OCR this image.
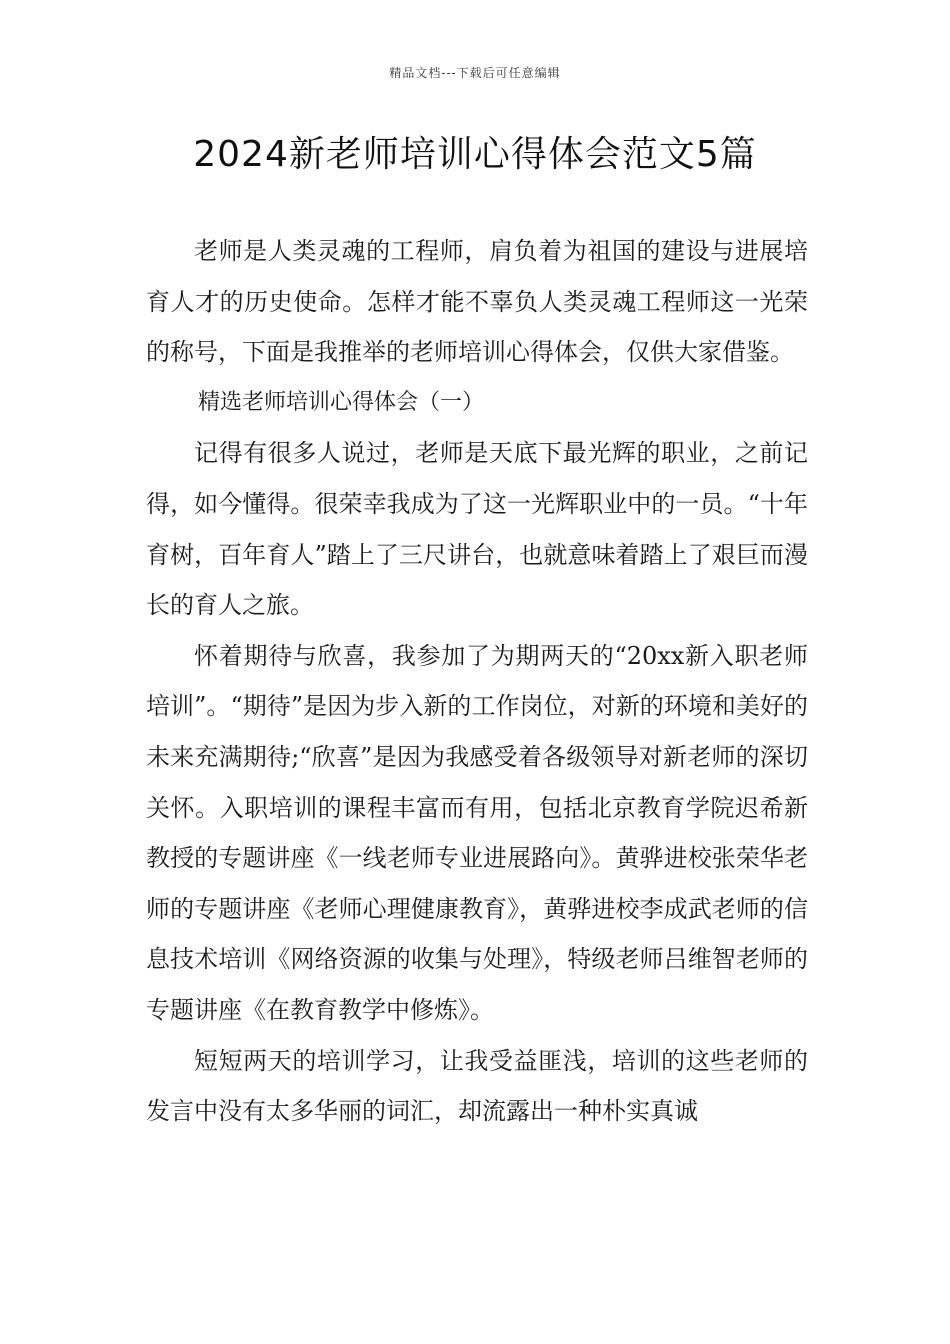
精品文档---下载后可任意编辑
2024新老师培训心得体会范文5篇

老师是人类灵魂的工程师，肩负着为祖国的建设与进展培育人才的历史使命。怎样才能不辜负人类灵魂工程师这一光荣的称号，下面是我推举的老师培训心得体会，仅供大家借鉴。

精选老师培训心得体会（一）

记得有很多人说过，老师是天底下最光辉的职业，之前记得，如今懂得。很荣幸我成为了这一光辉职业中的一员。“十年育树，百年育人”踏上了三尺讲台，也就意味着踏上了艰巨而漫长的育人之旅。

怀着期待与欣喜，我参加了为期两天的“20xx新入职老师培训”。“期待”是因为步入新的工作岗位，对新的环境和美好的未来充满期待;“欣喜”是因为我感受着各级领导对新老师的深切关怀。入职培训的课程丰富而有用，包括北京教育学院迟希新教授的专题讲座《一线老师专业进展路向》。黄骅进校张荣华老师的专题讲座《老师心理健康教育》，黄骅进校李成武老师的信息技术培训《网络资源的收集与处理》，特级老师吕维智老师的专题讲座《在教育教学中修炼》。

短短两天的培训学习，让我受益匪浅，培训的这些老师的发言中没有太多华丽的词汇，却流露出一种朴实真诚
